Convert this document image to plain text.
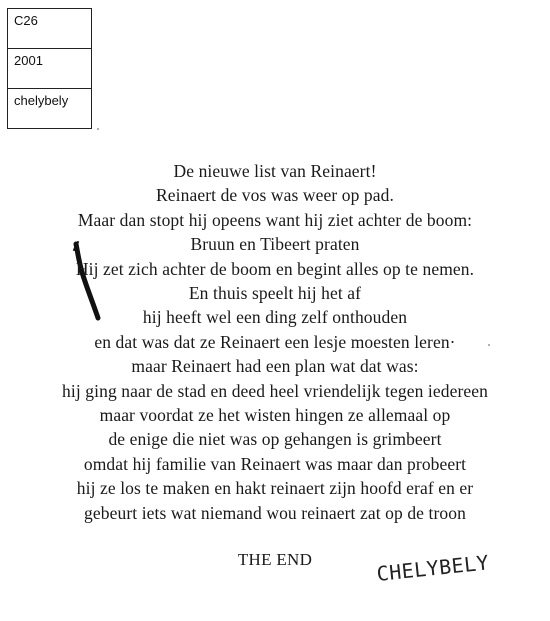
C26

2001

chelybely
De nieuwe list van Reinaert!
Reinaert de vos was weer op pad.
Maar dan stopt hij opeens want hij ziet achter de boom:
Bruun en Tibeert praten
Hij zet zich achter de boom en begint alles op te nemen.
En thuis speelt hij het af
hij heeft wel een ding zelf onthouden
en dat was dat ze Reinaert een lesje moesten leren·
maar Reinaert had een plan wat dat was:
hij ging naar de stad en deed heel vriendelijk tegen iedereen
maar voordat ze het wisten hingen ze allemaal op
de enige die niet was op gehangen is grimbeert
omdat hij familie van Reinaert was maar dan probeert
hij ze los te maken en hakt reinaert zijn hoofd eraf en er
gebeurt iets wat niemand wou reinaert zat op de troon
THE END	CHELYBELY
